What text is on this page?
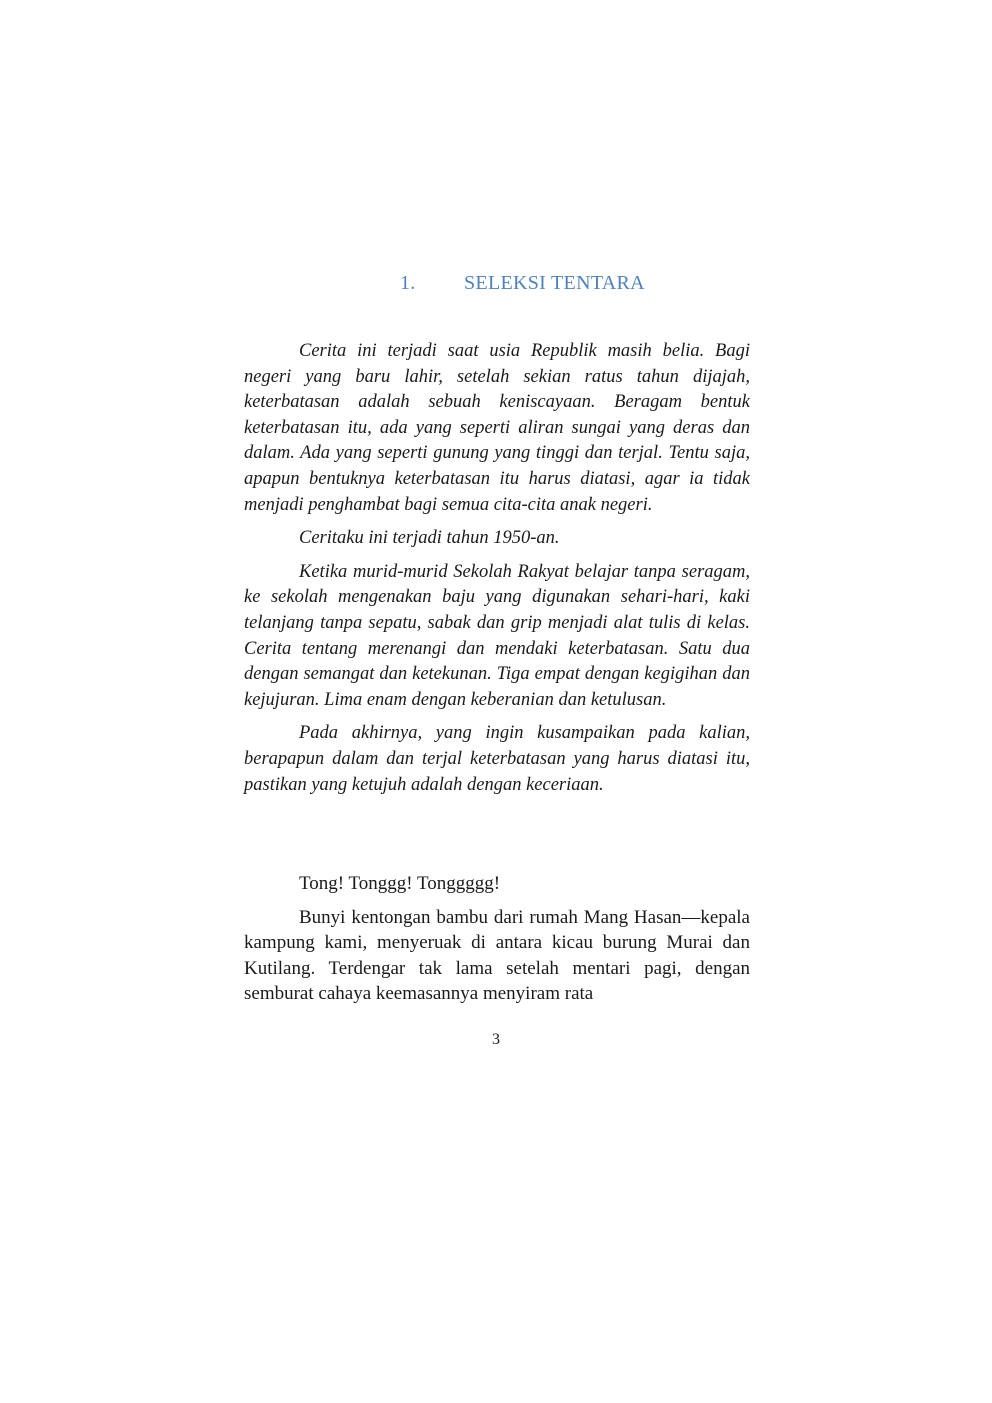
1. SELEKSI TENTARA

Cerita ini terjadi saat usia Republik masih belia. Bagi negeri yang baru lahir, setelah sekian ratus tahun dijajah, keterbatasan adalah sebuah keniscayaan. Beragam bentuk keterbatasan itu, ada yang seperti aliran sungai yang deras dan dalam. Ada yang seperti gunung yang tinggi dan terjal. Tentu saja, apapun bentuknya keterbatasan itu harus diatasi, agar ia tidak menjadi penghambat bagi semua cita-cita anak negeri.

Ceritaku ini terjadi tahun 1950-an.

Ketika murid-murid Sekolah Rakyat belajar tanpa seragam, ke sekolah mengenakan baju yang digunakan sehari-hari, kaki telanjang tanpa sepatu, sabak dan grip menjadi alat tulis di kelas. Cerita tentang merenangi dan mendaki keterbatasan. Satu dua dengan semangat dan ketekunan. Tiga empat dengan kegigihan dan kejujuran. Lima enam dengan keberanian dan ketulusan.

Pada akhirnya, yang ingin kusampaikan pada kalian, berapapun dalam dan terjal keterbatasan yang harus diatasi itu, pastikan yang ketujuh adalah dengan keceriaan.

Tong! Tonggg! Tonggggg!

Bunyi kentongan bambu dari rumah Mang Hasan—kepala kampung kami, menyeruak di antara kicau burung Murai dan Kutilang. Terdengar tak lama setelah mentari pagi, dengan semburat cahaya keemasannya menyiram rata

3
